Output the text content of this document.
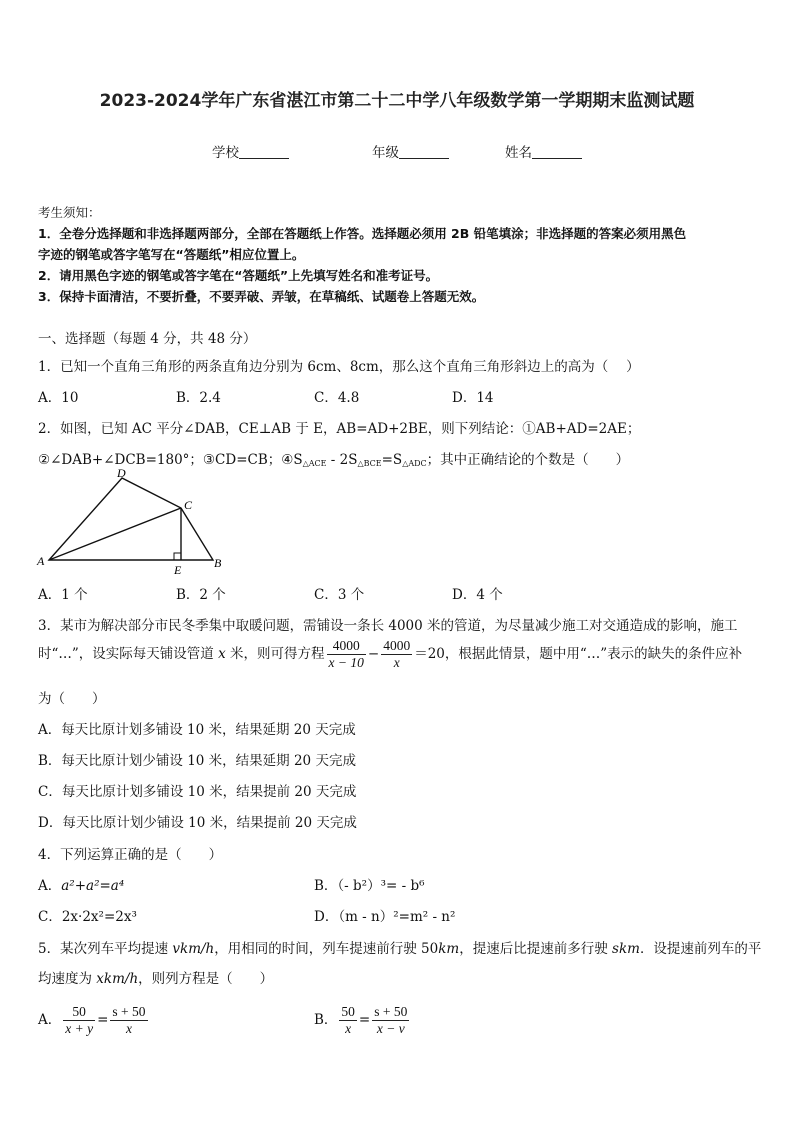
2023-2024学年广东省湛江市第二十二中学八年级数学第一学期期末监测试题
学校	年级	姓名
考生须知：
1．全卷分选择题和非选择题两部分，全部在答题纸上作答。选择题必须用 2B 铅笔填涂；非选择题的答案必须用黑色
字迹的钢笔或答字笔写在“答题纸”相应位置上。
2．请用黑色字迹的钢笔或答字笔在“答题纸”上先填写姓名和准考证号。
3．保持卡面清洁，不要折叠，不要弄破、弄皱，在草稿纸、试题卷上答题无效。
一、选择题（每题 4 分，共 48 分）
1．已知一个直角三角形的两条直角边分别为 6cm、8cm，那么这个直角三角形斜边上的高为（　 ）
A．10	B．2.4	C．4.8	D．14
2．如图，已知 AC 平分∠DAB，CE⊥AB 于 E，AB=AD+2BE，则下列结论：①AB+AD=2AE；
②∠DAB+∠DCB=180°；③CD=CB；$④S_{\triangle ACE} - 2S_{\triangle BCE}=S_{\triangle ADC}$；其中正确结论的个数是（　　）
D
C
A
E	B
A．1 个	B．2 个	C．3 个	D．4 个
3．某市为解决部分市民冬季集中取暖问题，需铺设一条长 4000 米的管道，为尽量减少施工对交通造成的影响，施工
时“…”，设实际每天铺设管道 x 米，则可得方程 $\frac{4000}{x - 10} - \frac{4000}{x} =20$，根据此情景，题中用“…”表示的缺失的条件应补
为（　　）
A．每天比原计划多铺设 10 米，结果延期 20 天完成
B．每天比原计划少铺设 10 米，结果延期 20 天完成
C．每天比原计划多铺设 10 米，结果提前 20 天完成
D．每天比原计划少铺设 10 米，结果提前 20 天完成
4．下列运算正确的是（　　）
A．a²+a²=a⁴	B．（- b²）³= - b⁶
C．2x·2x²=2x³	D．（m - n）²=m² - n²
5．某次列车平均提速 vkm/h，用相同的时间，列车提速前行驶 50km，提速后比提速前多行驶 skm．设提速前列车的平
均速度为 xkm/h，则列方程是（　　）
A． $\frac{50}{x + y} = \frac{s + 50}{x}$	B． $\frac{50}{x} = \frac{s + 50}{x - v}$
